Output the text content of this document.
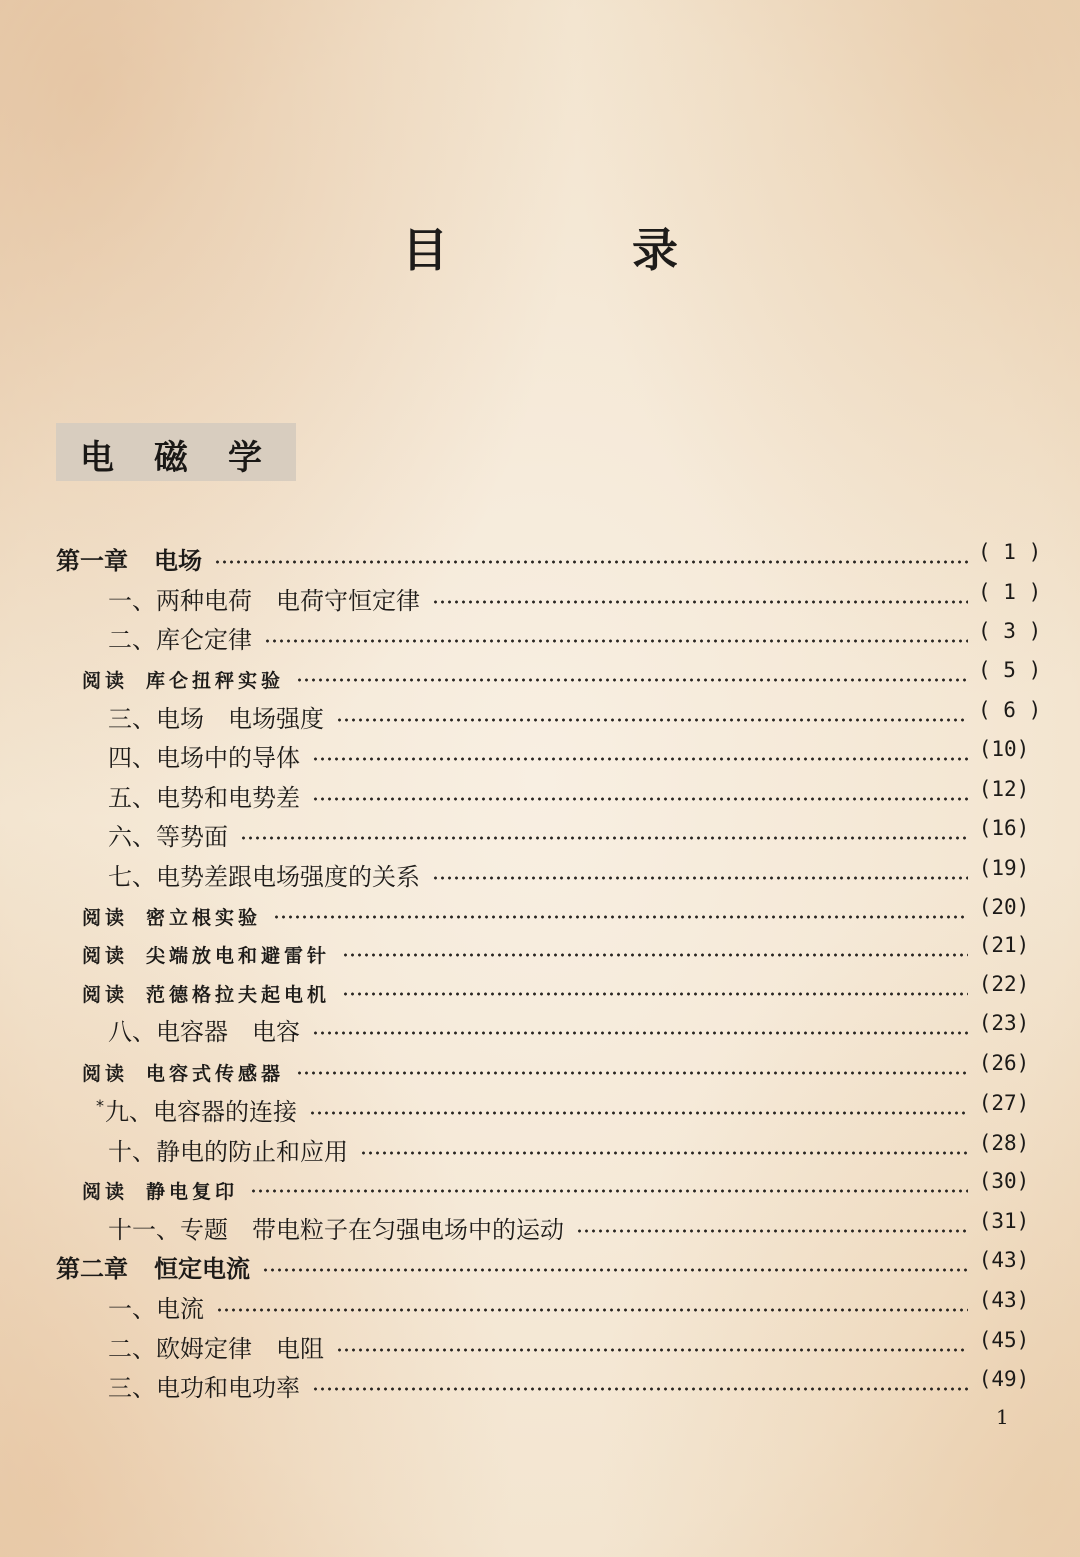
目 录
电磁学
第一章 电场	( 1 )
一、两种电荷　电荷守恒定律	( 1 )
二、库仑定律	( 3 )
阅读 库仑扭秤实验	( 5 )
三、电场　电场强度	( 6 )
四、电场中的导体	(10)
五、电势和电势差	(12)
六、等势面	(16)
七、电势差跟电场强度的关系	(19)
阅读 密立根实验	(20)
阅读 尖端放电和避雷针	(21)
阅读 范德格拉夫起电机	(22)
八、电容器　电容	(23)
阅读 电容式传感器	(26)
*九、电容器的连接	(27)
十、静电的防止和应用	(28)
阅读 静电复印	(30)
十一、专题　带电粒子在匀强电场中的运动	(31)
第二章 恒定电流	(43)
一、电流	(43)
二、欧姆定律　电阻	(45)
三、电功和电功率	(49)
1
